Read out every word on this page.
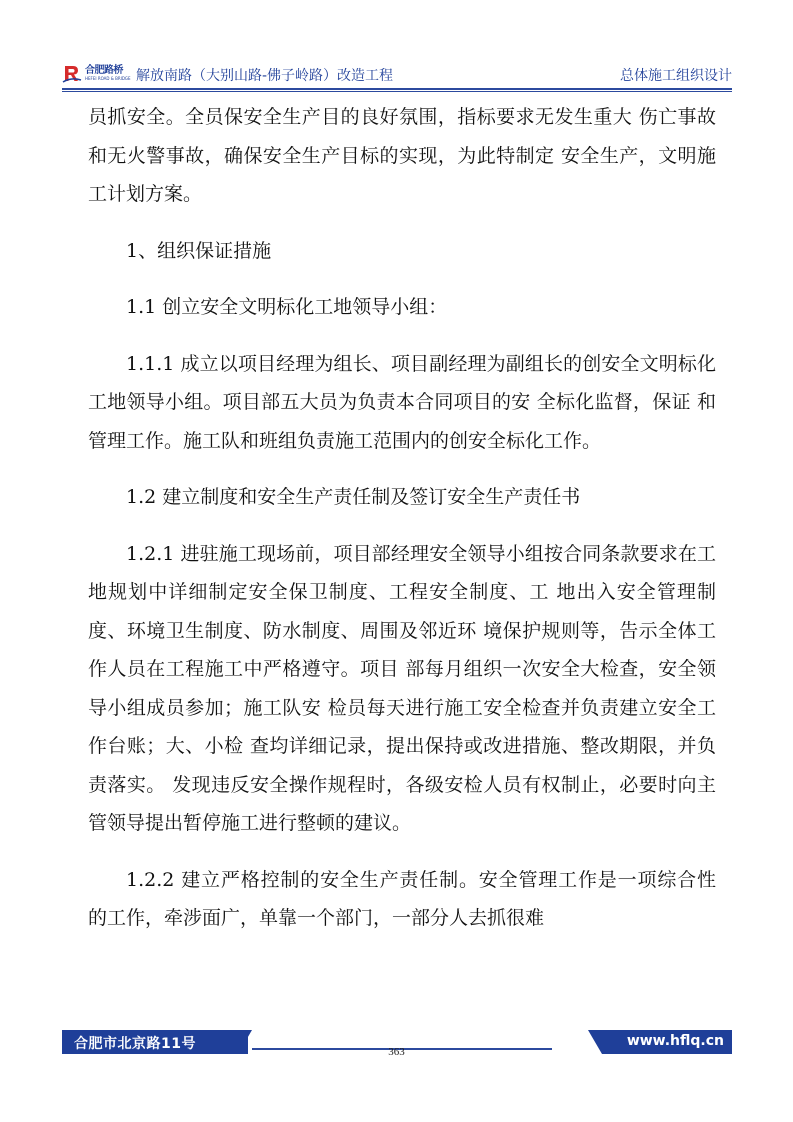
合肥路桥
HEFEI ROAD & BRIDGE 解放南路（大别山路-佛子岭路）改造工程	总体施工组织设计

员抓安全。全员保安全生产目的良好氛围，指标要求无发生重大 伤亡事故和无火警事故，确保安全生产目标的实现，为此特制定 安全生产，文明施工计划方案。

1、组织保证措施

1.1 创立安全文明标化工地领导小组：

1.1.1 成立以项目经理为组长、项目副经理为副组长的创安全文明标化工地领导小组。项目部五大员为负责本合同项目的安 全标化监督，保证 和管理工作。施工队和班组负责施工范围内的创安全标化工作。

1.2 建立制度和安全生产责任制及签订安全生产责任书

1.2.1 进驻施工现场前，项目部经理安全领导小组按合同条款要求在工地规划中详细制定安全保卫制度、工程安全制度、工 地出入安全管理制度、环境卫生制度、防水制度、周围及邻近环 境保护规则等，告示全体工作人员在工程施工中严格遵守。项目 部每月组织一次安全大检查，安全领导小组成员参加；施工队安 检员每天进行施工安全检查并负责建立安全工作台账；大、小检 查均详细记录，提出保持或改进措施、整改期限，并负责落实。 发现违反安全操作规程时，各级安检人员有权制止，必要时向主 管领导提出暂停施工进行整顿的建议。

1.2.2 建立严格控制的安全生产责任制。安全管理工作是一项综合性 的工作，牵涉面广，单靠一个部门，一部分人去抓很难

合肥市北京路11号	www.hflq.cn
363
